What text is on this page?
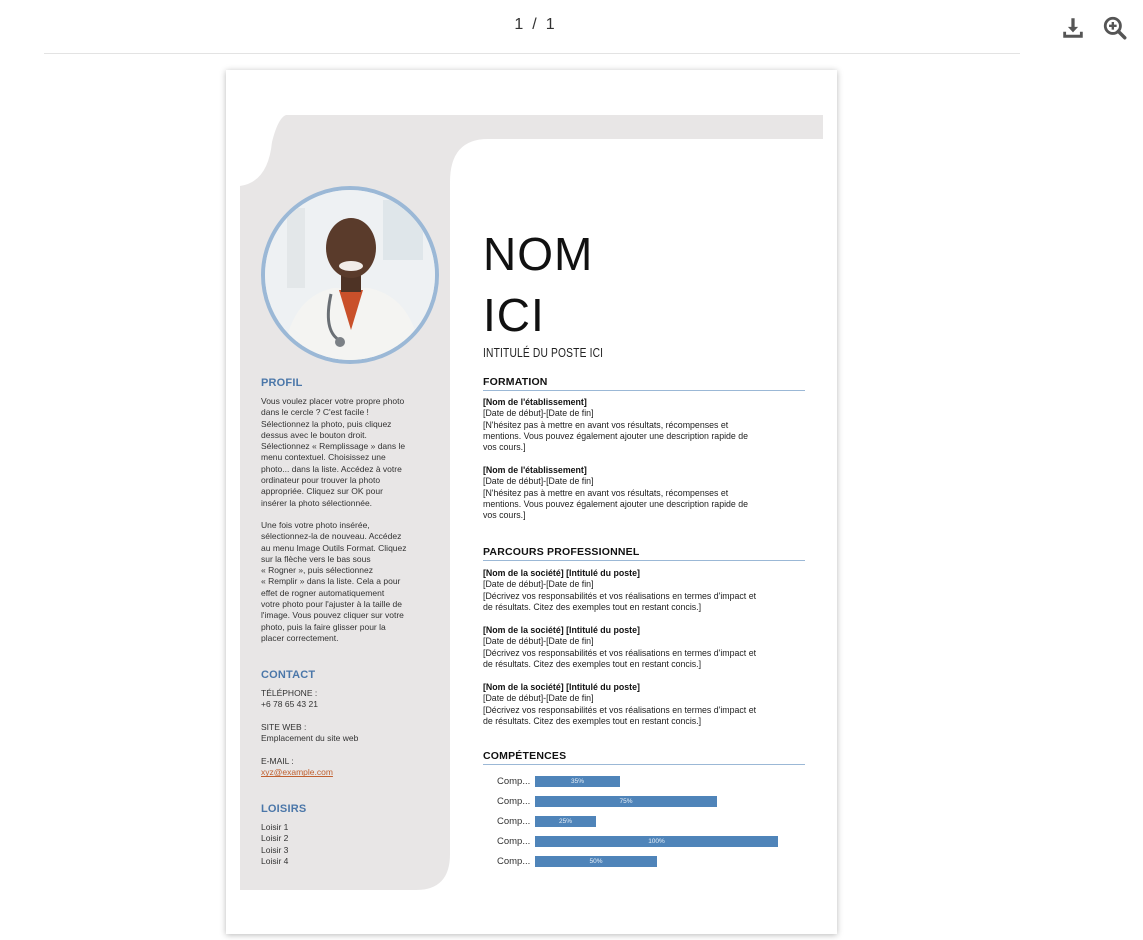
1 / 1
PROFIL

Vous voulez placer votre propre photo

dans le cercle ? C'est facile !

Sélectionnez la photo, puis cliquez

dessus avec le bouton droit.

Sélectionnez « Remplissage » dans le

menu contextuel. Choisissez une

photo... dans la liste. Accédez à votre

ordinateur pour trouver la photo

appropriée. Cliquez sur OK pour

insérer la photo sélectionnée.

Une fois votre photo insérée,

sélectionnez-la de nouveau. Accédez

au menu Image Outils Format. Cliquez

sur la flèche vers le bas sous

« Rogner », puis sélectionnez

« Remplir » dans la liste. Cela a pour

effet de rogner automatiquement

votre photo pour l'ajuster à la taille de

l'image. Vous pouvez cliquer sur votre

photo, puis la faire glisser pour la

placer correctement.

CONTACT

TÉLÉPHONE :

+6 78 65 43 21

SITE WEB :

Emplacement du site web

E-MAIL :

xyz@example.com

LOISIRS

Loisir 1

Loisir 2

Loisir 3

Loisir 4

NOM
ICI
INTITULÉ DU POSTE ICI
FORMATION
[Nom de l'établissement]
[Date de début]-[Date de fin]
[N'hésitez pas à mettre en avant vos résultats, récompenses et
mentions. Vous pouvez également ajouter une description rapide de
vos cours.]
[Nom de l'établissement]
[Date de début]-[Date de fin]
[N'hésitez pas à mettre en avant vos résultats, récompenses et
mentions. Vous pouvez également ajouter une description rapide de
vos cours.]
PARCOURS PROFESSIONNEL
[Nom de la société] [Intitulé du poste]
[Date de début]-[Date de fin]
[Décrivez vos responsabilités et vos réalisations en termes d'impact et
de résultats. Citez des exemples tout en restant concis.]
[Nom de la société] [Intitulé du poste]
[Date de début]-[Date de fin]
[Décrivez vos responsabilités et vos réalisations en termes d'impact et
de résultats. Citez des exemples tout en restant concis.]
[Nom de la société] [Intitulé du poste]
[Date de début]-[Date de fin]
[Décrivez vos responsabilités et vos réalisations en termes d'impact et
de résultats. Citez des exemples tout en restant concis.]
COMPÉTENCES
Comp...	35%
Comp...	75%
Comp...	25%
Comp...	100%
Comp...	50%
